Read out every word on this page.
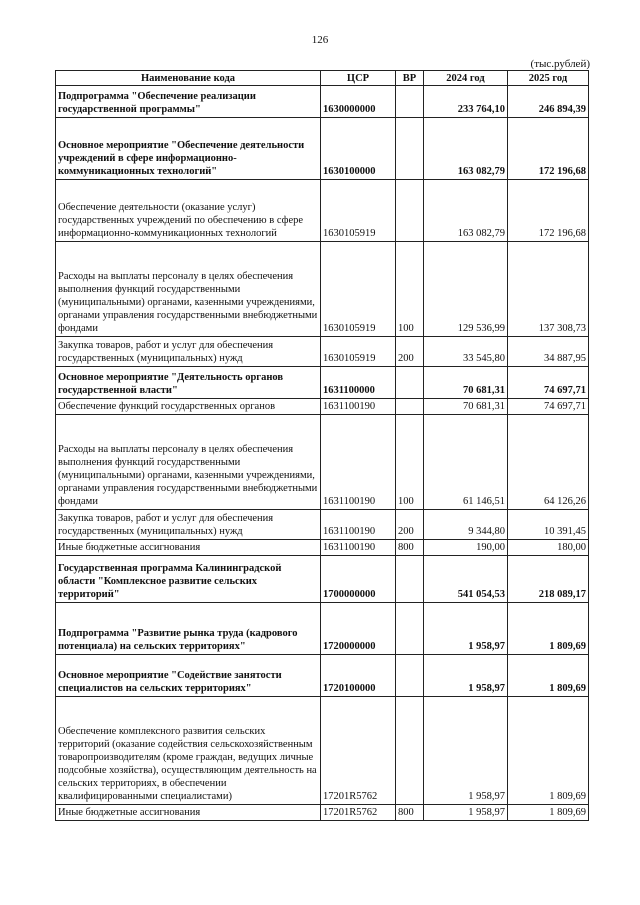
126
(тыс.рублей)
Наименование кода	ЦСР	ВР	2024 год	2025 год
Подпрограмма "Обеспечение реализации государственной программы"	1630000000		233 764,10	246 894,39
Основное мероприятие "Обеспечение деятельности учреждений в сфере информационно-коммуникационных технологий"	1630100000		163 082,79	172 196,68
Обеспечение деятельности (оказание услуг) государственных учреждений по обеспечению в сфере информационно-коммуникационных технологий	1630105919		163 082,79	172 196,68
Расходы на выплаты персоналу в целях обеспечения выполнения функций государственными (муниципальными) органами, казенными учреждениями, органами управления государственными внебюджетными фондами	1630105919	100	129 536,99	137 308,73
Закупка товаров, работ и услуг для обеспечения государственных (муниципальных) нужд	1630105919	200	33 545,80	34 887,95
Основное мероприятие "Деятельность органов государственной власти"	1631100000		70 681,31	74 697,71
Обеспечение функций государственных органов	1631100190		70 681,31	74 697,71
Расходы на выплаты персоналу в целях обеспечения выполнения функций государственными (муниципальными) органами, казенными учреждениями, органами управления государственными внебюджетными фондами	1631100190	100	61 146,51	64 126,26
Закупка товаров, работ и услуг для обеспечения государственных (муниципальных) нужд	1631100190	200	9 344,80	10 391,45
Иные бюджетные ассигнования	1631100190	800	190,00	180,00
Государственная программа Калининградской области "Комплексное развитие сельских территорий"	1700000000		541 054,53	218 089,17
Подпрограмма "Развитие рынка труда (кадрового потенциала) на сельских территориях"	1720000000		1 958,97	1 809,69
Основное мероприятие "Содействие занятости специалистов на сельских территориях"	1720100000		1 958,97	1 809,69
Обеспечение комплексного развития сельских территорий (оказание содействия сельскохозяйственным товаропроизводителям (кроме граждан, ведущих личные подсобные хозяйства), осуществляющим деятельность на сельских территориях, в обеспечении квалифицированными специалистами)	17201R5762		1 958,97	1 809,69
Иные бюджетные ассигнования	17201R5762	800	1 958,97	1 809,69
